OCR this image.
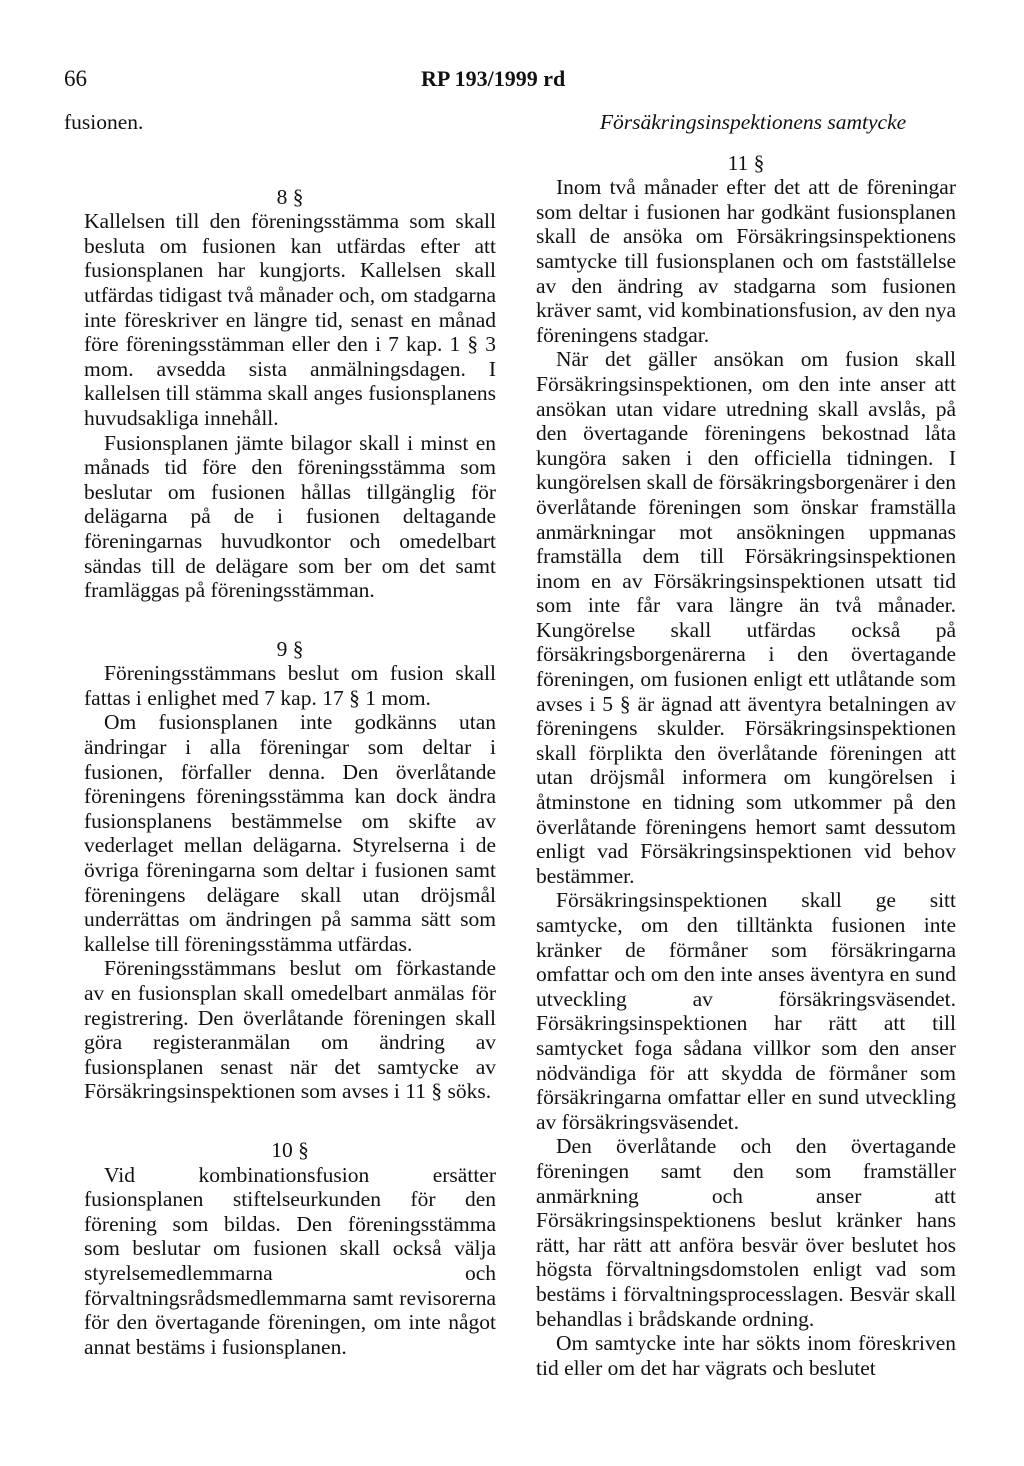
66	RP 193/1999 rd

fusionen.

8 §

Kallelsen till den föreningsstämma som skall besluta om fusionen kan utfärdas efter att fusionsplanen har kungjorts. Kallelsen skall utfärdas tidigast två månader och, om stadgarna inte föreskriver en längre tid, senast en månad före föreningsstämman eller den i 7 kap. 1 § 3 mom. avsedda sista anmälningsdagen. I kallelsen till stämma skall anges fusionsplanens huvudsakliga innehåll.

Fusionsplanen jämte bilagor skall i minst en månads tid före den föreningsstämma som beslutar om fusionen hållas tillgänglig för delägarna på de i fusionen deltagande föreningarnas huvudkontor och omedelbart sändas till de delägare som ber om det samt framläggas på föreningsstämman.

9 §

Föreningsstämmans beslut om fusion skall fattas i enlighet med 7 kap. 17 § 1 mom.

Om fusionsplanen inte godkänns utan ändringar i alla föreningar som deltar i fusionen, förfaller denna. Den överlåtande föreningens föreningsstämma kan dock ändra fusionsplanens bestämmelse om skifte av vederlaget mellan delägarna. Styrelserna i de övriga föreningarna som deltar i fusionen samt föreningens delägare skall utan dröjsmål underrättas om ändringen på samma sätt som kallelse till föreningsstämma utfärdas.

Föreningsstämmans beslut om förkastande av en fusionsplan skall omedelbart anmälas för registrering. Den överlåtande föreningen skall göra registeranmälan om ändring av fusionsplanen senast när det samtycke av Försäkringsinspektionen som avses i 11 § söks.

10 §

Vid kombinationsfusion ersätter fusionsplanen stiftelseurkunden för den förening som bildas. Den föreningsstämma som beslutar om fusionen skall också välja styrelsemedlemmarna och förvaltningsrådsmedlemmarna samt revisorerna för den övertagande föreningen, om inte något annat bestäms i fusionsplanen.

Försäkringsinspektionens samtycke
11 §

Inom två månader efter det att de föreningar som deltar i fusionen har godkänt fusionsplanen skall de ansöka om Försäkringsinspektionens samtycke till fusionsplanen och om fastställelse av den ändring av stadgarna som fusionen kräver samt, vid kombinationsfusion, av den nya föreningens stadgar.

När det gäller ansökan om fusion skall Försäkringsinspektionen, om den inte anser att ansökan utan vidare utredning skall avslås, på den övertagande föreningens bekostnad låta kungöra saken i den officiella tidningen. I kungörelsen skall de försäkringsborgenärer i den överlåtande föreningen som önskar framställa anmärkningar mot ansökningen uppmanas framställa dem till Försäkringsinspektionen inom en av Försäkringsinspektionen utsatt tid som inte får vara längre än två månader. Kungörelse skall utfärdas också på försäkringsborgenärerna i den övertagande föreningen, om fusionen enligt ett utlåtande som avses i 5 § är ägnad att äventyra betalningen av föreningens skulder. Försäkringsinspektionen skall förplikta den överlåtande föreningen att utan dröjsmål informera om kungörelsen i åtminstone en tidning som utkommer på den överlåtande föreningens hemort samt dessutom enligt vad Försäkringsinspektionen vid behov bestämmer.

Försäkringsinspektionen skall ge sitt samtycke, om den tilltänkta fusionen inte kränker de förmåner som försäkringarna omfattar och om den inte anses äventyra en sund utveckling av försäkringsväsendet. Försäkringsinspektionen har rätt att till samtycket foga sådana villkor som den anser nödvändiga för att skydda de förmåner som försäkringarna omfattar eller en sund utveckling av försäkringsväsendet.

Den överlåtande och den övertagande föreningen samt den som framställer anmärkning och anser att Försäkringsinspektionens beslut kränker hans rätt, har rätt att anföra besvär över beslutet hos högsta förvaltningsdomstolen enligt vad som bestäms i förvaltningsprocesslagen. Besvär skall behandlas i brådskande ordning.

Om samtycke inte har sökts inom föreskriven tid eller om det har vägrats och beslutet
